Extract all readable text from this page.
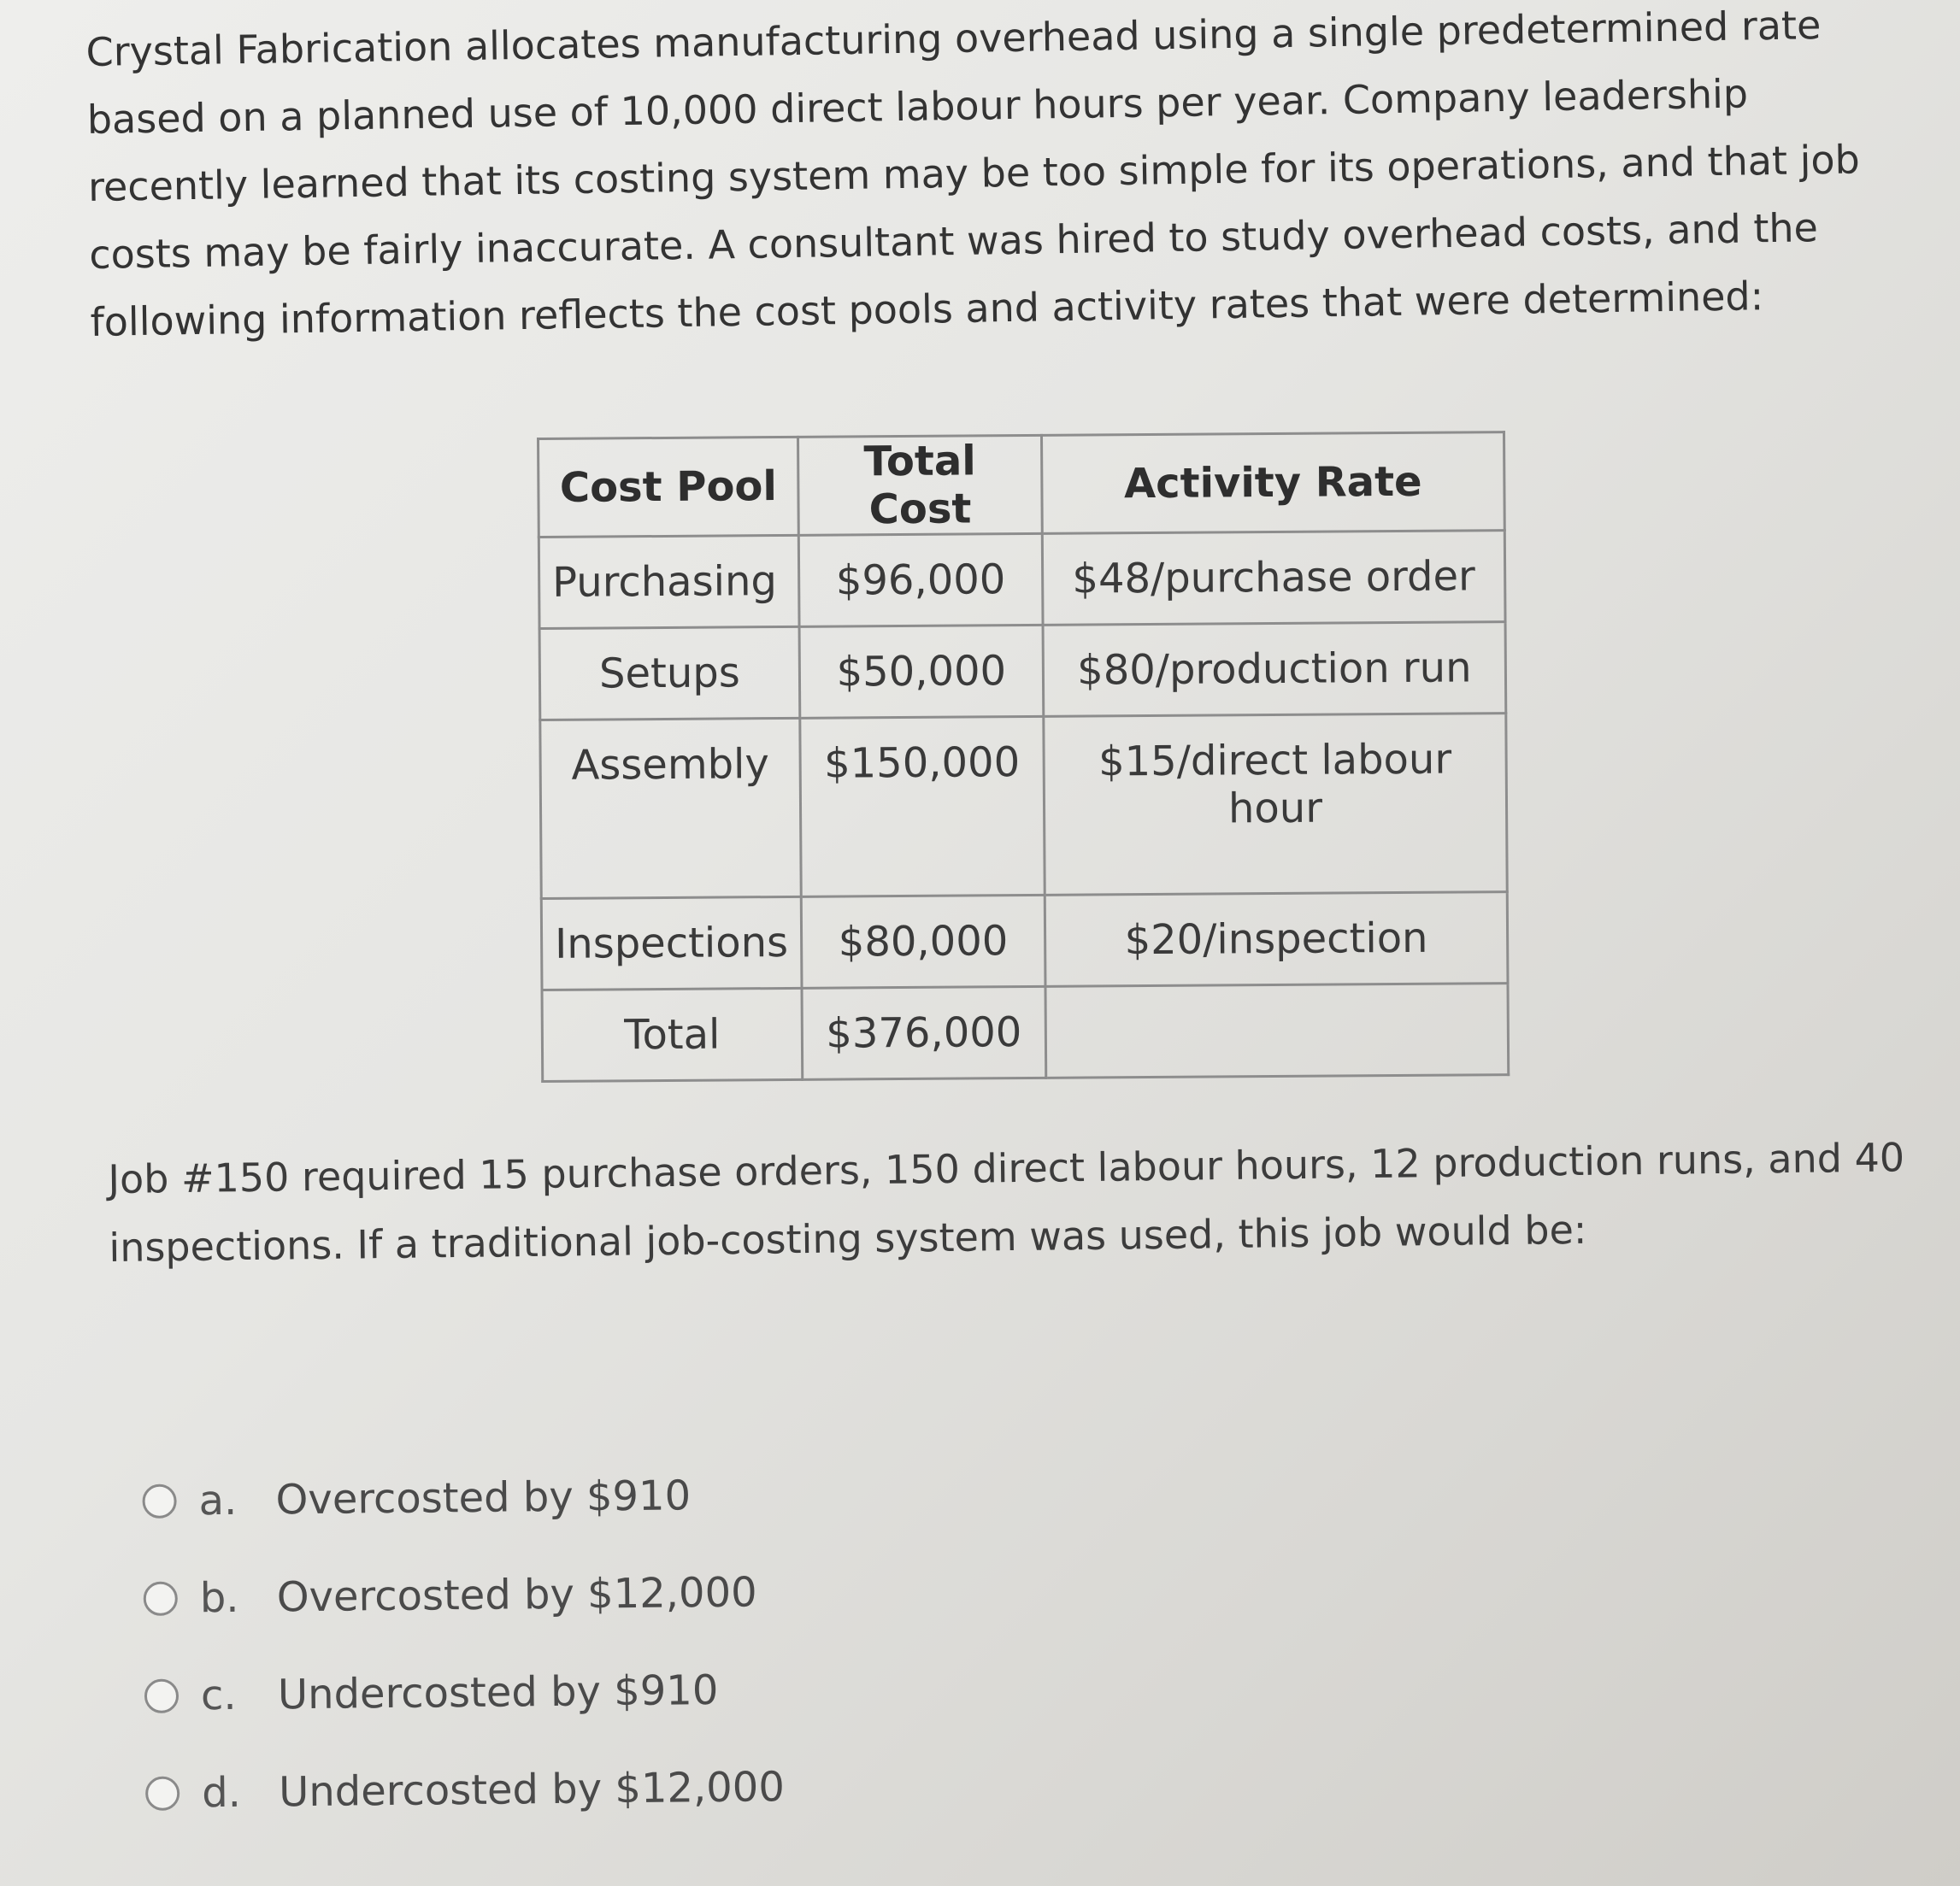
Crystal Fabrication allocates manufacturing overhead using a single predetermined rate based on a planned use of 10,000 direct labour hours per year. Company leadership recently learned that its costing system may be too simple for its operations, and that job costs may be fairly inaccurate. A consultant was hired to study overhead costs, and the following information reflects the cost pools and activity rates that were determined:

Cost Pool	Total Cost	Activity Rate
Purchasing	$96,000	$48/purchase order
Setups	$50,000	$80/production run
Assembly	$150,000	$15/direct labour hour
Inspections	$80,000	$20/inspection
Total	$376,000	

Job #150 required 15 purchase orders, 150 direct labour hours, 12 production runs, and 40 inspections. If a traditional job-costing system was used, this job would be:

a. Overcosted by $910
b. Overcosted by $12,000
c. Undercosted by $910
d. Undercosted by $12,000
